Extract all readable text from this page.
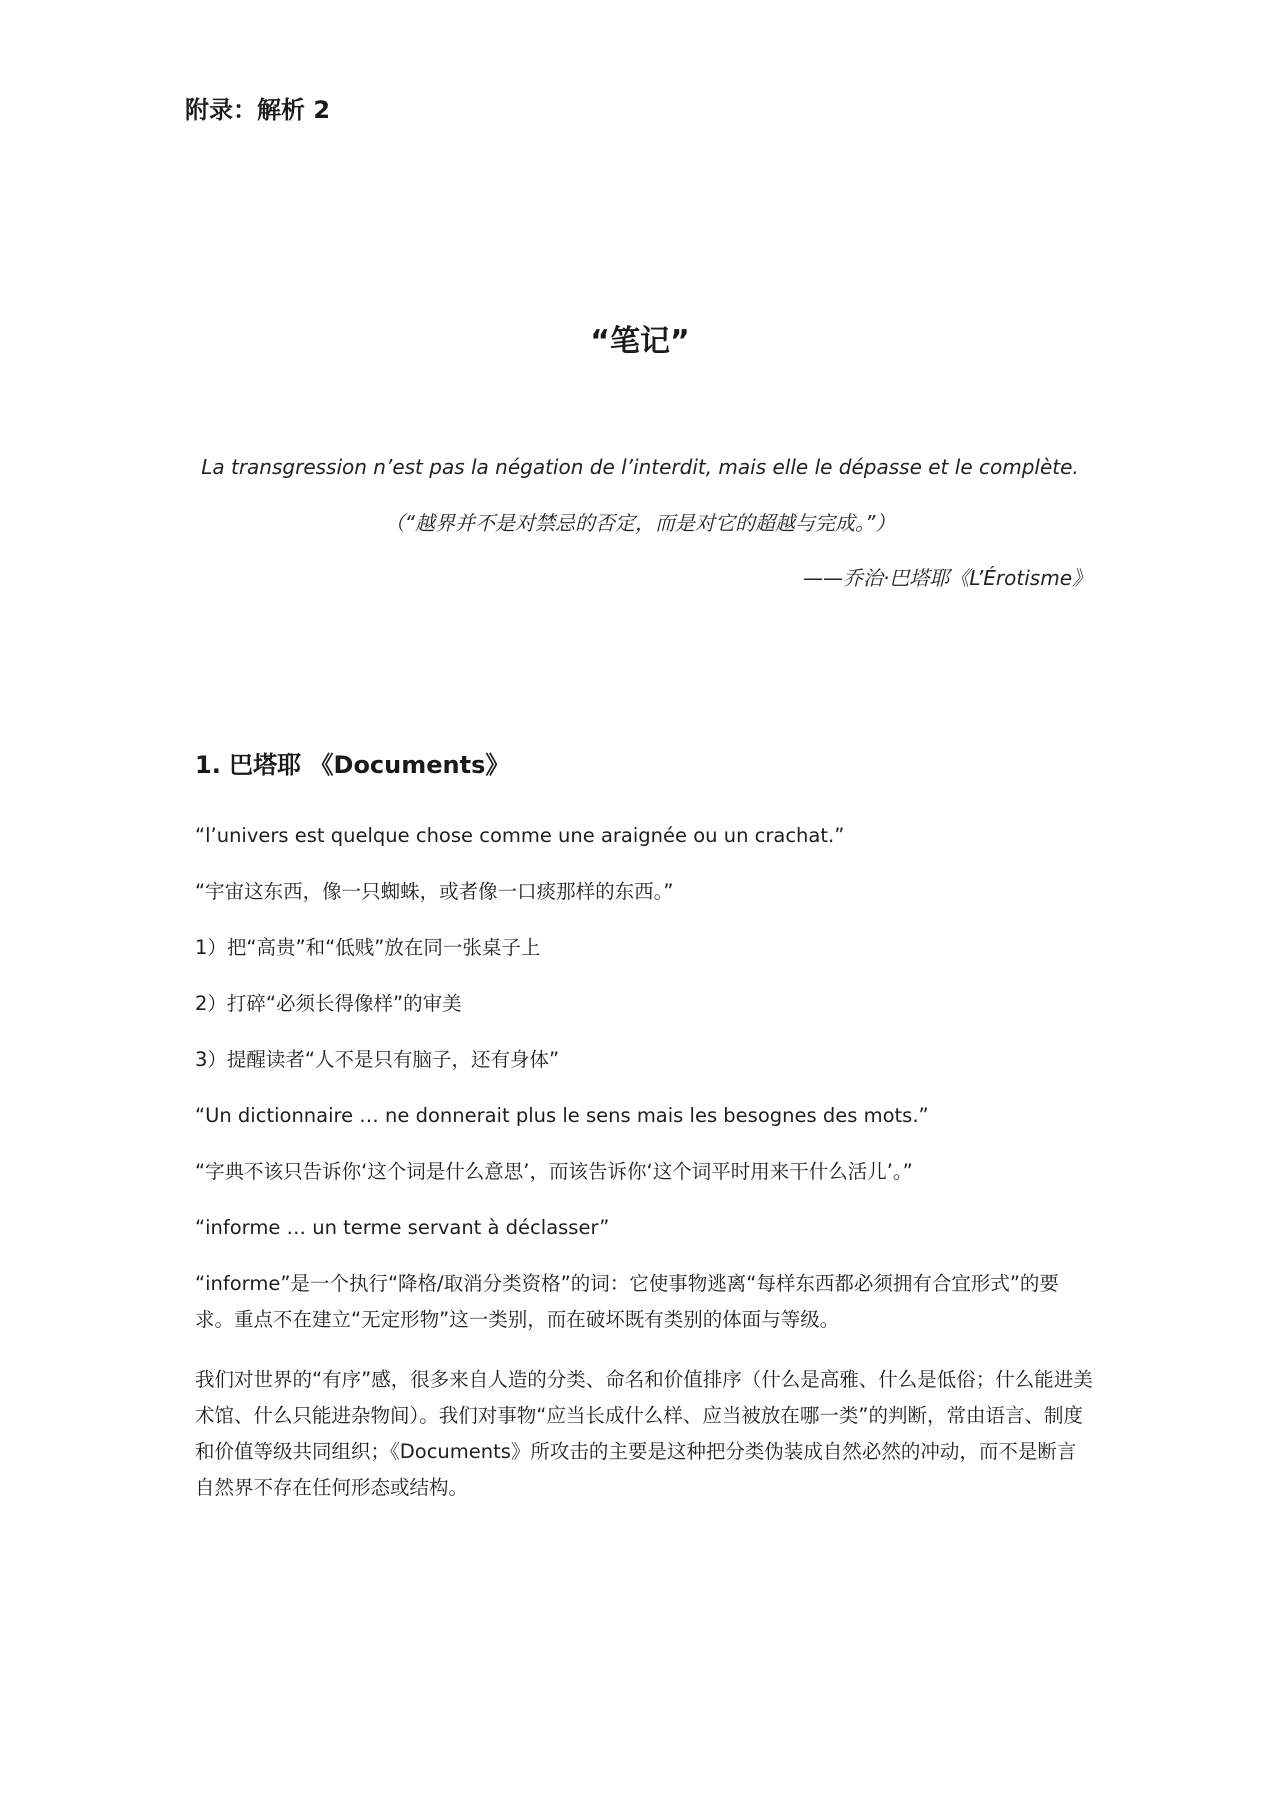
附录：解析 2
“笔记”
La transgression n’est pas la négation de l’interdit, mais elle le dépasse et le complète.
（“越界并不是对禁忌的否定，而是对它的超越与完成。”）
——乔治·巴塔耶《L’Érotisme》
1. 巴塔耶 《Documents》

“l’univers est quelque chose comme une araignée ou un crachat.”

“宇宙这东西，像一只蜘蛛，或者像一口痰那样的东西。”

1）把“高贵”和“低贱”放在同一张桌子上

2）打碎“必须长得像样”的审美

3）提醒读者“人不是只有脑子，还有身体”

“Un dictionnaire … ne donnerait plus le sens mais les besognes des mots.”

“字典不该只告诉你‘这个词是什么意思’，而该告诉你‘这个词平时用来干什么活儿’。”

“informe … un terme servant à déclasser”

“informe”是一个执行“降格/取消分类资格”的词：它使事物逃离“每样东西都必须拥有合宜形式”的要求。重点不在建立“无定形物”这一类别，而在破坏既有类别的体面与等级。

我们对世界的“有序”感，很多来自人造的分类、命名和价值排序（什么是高雅、什么是低俗；什么能进美术馆、什么只能进杂物间）。我们对事物“应当长成什么样、应当被放在哪一类”的判断，常由语言、制度和价值等级共同组织；《Documents》所攻击的主要是这种把分类伪装成自然必然的冲动，而不是断言自然界不存在任何形态或结构。
